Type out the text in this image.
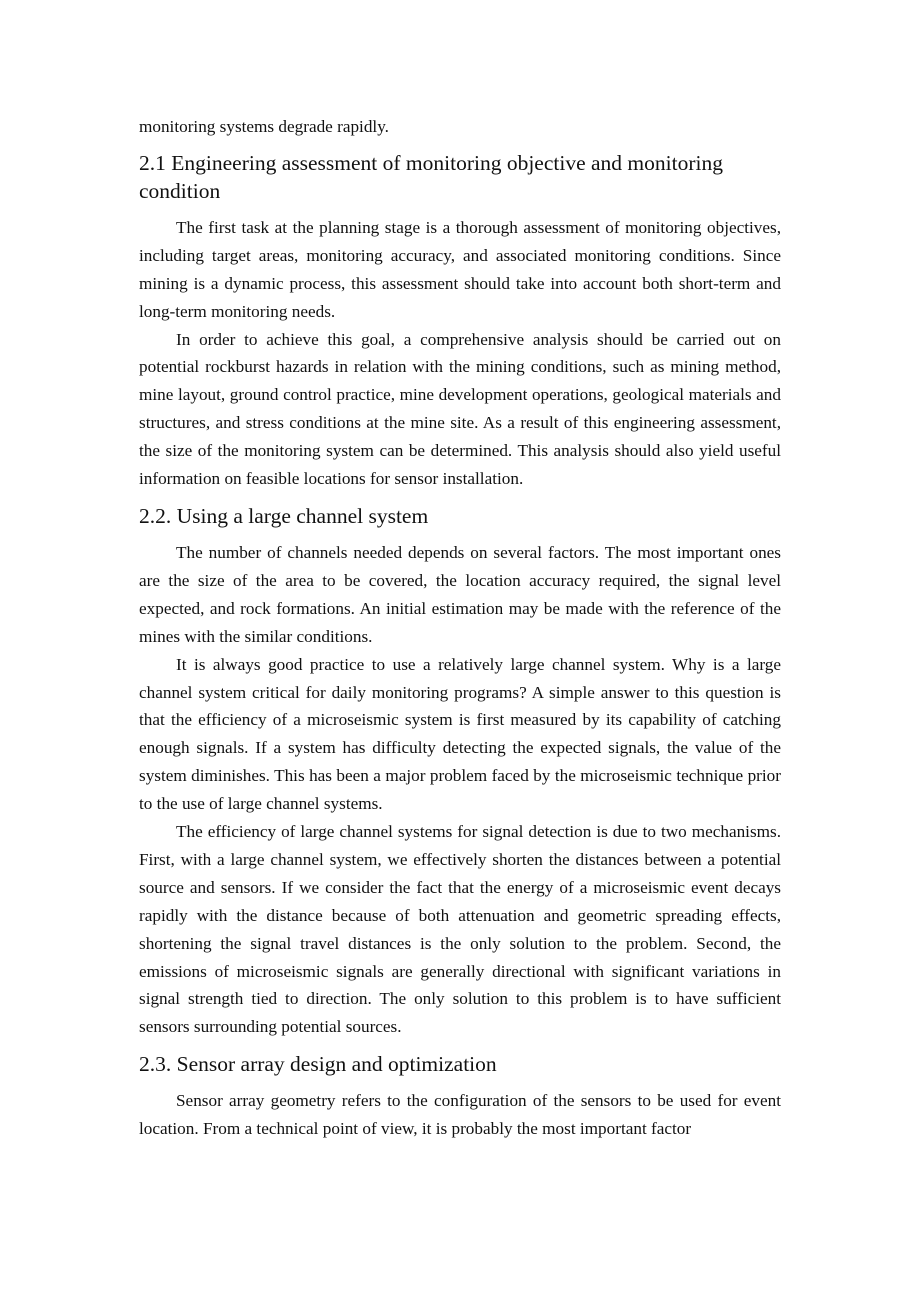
monitoring systems degrade rapidly.

2.1 Engineering assessment of monitoring objective and monitoring condition

The first task at the planning stage is a thorough assessment of monitoring objectives, including target areas, monitoring accuracy, and associated monitoring conditions. Since mining is a dynamic process, this assessment should take into account both short-term and long-term monitoring needs.

In order to achieve this goal, a comprehensive analysis should be carried out on potential rockburst hazards in relation with the mining conditions, such as mining method, mine layout, ground control practice, mine development operations, geological materials and structures, and stress conditions at the mine site. As a result of this engineering assessment, the size of the monitoring system can be determined. This analysis should also yield useful information on feasible locations for sensor installation.

2.2. Using a large channel system

The number of channels needed depends on several factors. The most important ones are the size of the area to be covered, the location accuracy required, the signal level expected, and rock formations. An initial estimation may be made with the reference of the mines with the similar conditions.

It is always good practice to use a relatively large channel system. Why is a large channel system critical for daily monitoring programs? A simple answer to this question is that the efficiency of a microseismic system is first measured by its capability of catching enough signals. If a system has difficulty detecting the expected signals, the value of the system diminishes. This has been a major problem faced by the microseismic technique prior to the use of large channel systems.

The efficiency of large channel systems for signal detection is due to two mechanisms. First, with a large channel system, we effectively shorten the distances between a potential source and sensors. If we consider the fact that the energy of a microseismic event decays rapidly with the distance because of both attenuation and geometric spreading effects, shortening the signal travel distances is the only solution to the problem. Second, the emissions of microseismic signals are generally directional with significant variations in signal strength tied to direction. The only solution to this problem is to have sufficient sensors surrounding potential sources.

2.3. Sensor array design and optimization

Sensor array geometry refers to the configuration of the sensors to be used for event location. From a technical point of view, it is probably the most important factor
